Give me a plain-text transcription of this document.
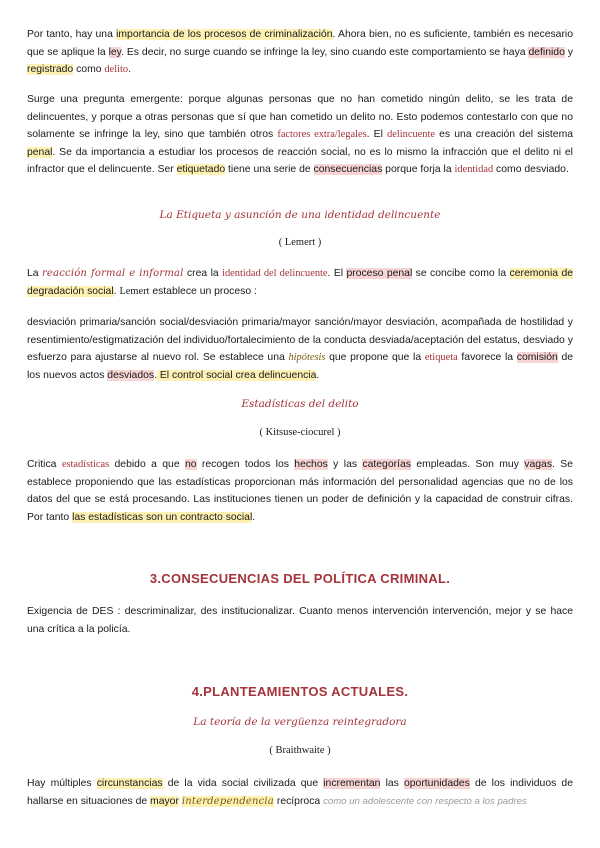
Por tanto, hay una importancia de los procesos de criminalización. Ahora bien, no es suficiente, también es necesario que se aplique la ley. Es decir, no surge cuando se infringe la ley, sino cuando este comportamiento se haya definido y registrado como delito.

Surge una pregunta emergente: porque algunas personas que no han cometido ningún delito, se les trata de delincuentes, y porque a otras personas que sí que han cometido un delito no. Esto podemos contestarlo con que no solamente se infringe la ley, sino que también otros factores extra/legales. El delincuente es una creación del sistema penal. Se da importancia a estudiar los procesos de reacción social, no es lo mismo la infracción que el delito ni el infractor que el delincuente. Ser etiquetado tiene una serie de consecuencias porque forja la identidad como desviado.

La Etiqueta y asunción de una identidad delincuente

( Lemert )

La reacción formal e informal crea la identidad del delincuente. El proceso penal se concibe como la ceremonia de degradación social. Lemert establece un proceso :

desviación primaria/sanción social/desviación primaria/mayor sanción/mayor desviación, acompañada de hostilidad y resentimiento/estigmatización del individuo/fortalecimiento de la conducta desviada/aceptación del estatus, desviado y esfuerzo para ajustarse al nuevo rol. Se establece una hipótesis que propone que la etiqueta favorece la comisión de los nuevos actos desviados. El control social crea delincuencia.

Estadísticas del delito

( Kitsuse-ciocurel )

Critica estadísticas debido a que no recogen todos los hechos y las categorías empleadas. Son muy vagas. Se establece proponiendo que las estadísticas proporcionan más información del personalidad agencias que no de los datos del que se está procesando. Las instituciones tienen un poder de definición y la capacidad de construir cifras. Por tanto las estadísticas son un contracto social.

3.CONSECUENCIAS DEL POLÍTICA CRIMINAL.

Exigencia de DES : descriminalizar, des institucionalizar. Cuanto menos intervención intervención, mejor y se hace una crítica a la policía.

4.PLANTEAMIENTOS ACTUALES.

La teoría de la vergüenza reintegradora

( Braithwaite )

Hay múltiples circunstancias de la vida social civilizada que incrementan las oportunidades de los individuos de hallarse en situaciones de mayor interdependencia recíproca como un adolescente con respecto a los padres
